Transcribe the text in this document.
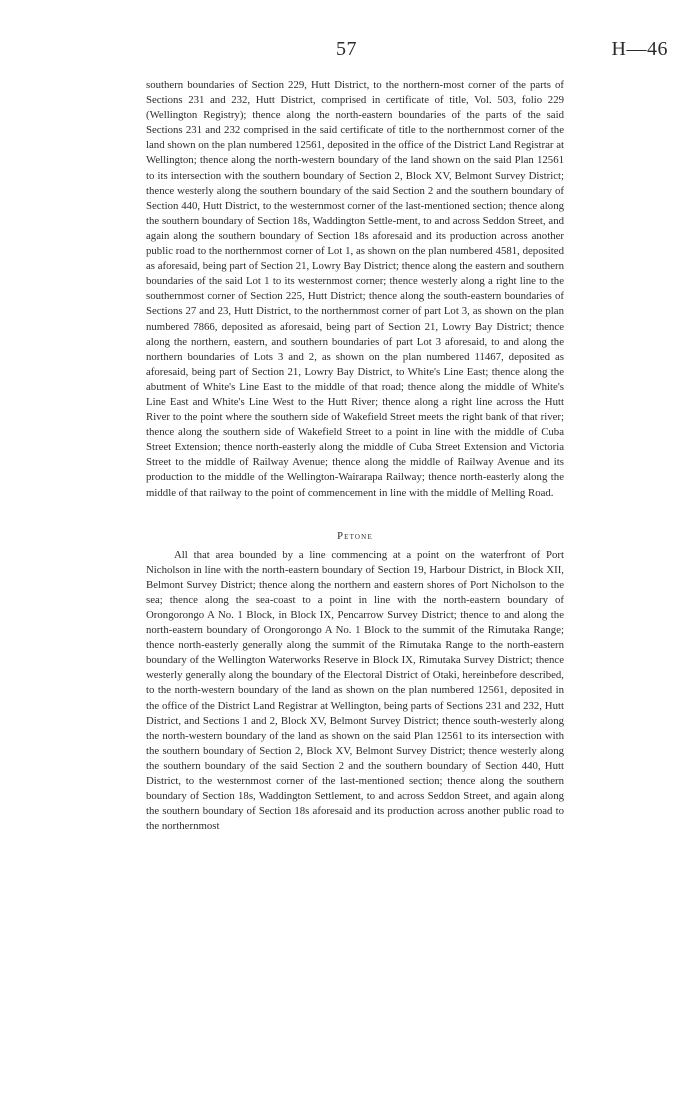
57	H—46

southern boundaries of Section 229, Hutt District, to the northern-most corner of the parts of Sections 231 and 232, Hutt District, comprised in certificate of title, Vol. 503, folio 229 (Wellington Registry); thence along the north-eastern boundaries of the parts of the said Sections 231 and 232 comprised in the said certificate of title to the northernmost corner of the land shown on the plan numbered 12561, deposited in the office of the District Land Registrar at Wellington; thence along the north-western boundary of the land shown on the said Plan 12561 to its intersection with the southern boundary of Section 2, Block XV, Belmont Survey District; thence westerly along the southern boundary of the said Section 2 and the southern boundary of Section 440, Hutt District, to the westernmost corner of the last-mentioned section; thence along the southern boundary of Section 18s, Waddington Settle-ment, to and across Seddon Street, and again along the southern boundary of Section 18s aforesaid and its production across another public road to the northernmost corner of Lot 1, as shown on the plan numbered 4581, deposited as aforesaid, being part of Section 21, Lowry Bay District; thence along the eastern and southern boundaries of the said Lot 1 to its westernmost corner; thence westerly along a right line to the southernmost corner of Section 225, Hutt District; thence along the south-eastern boundaries of Sections 27 and 23, Hutt District, to the northernmost corner of part Lot 3, as shown on the plan numbered 7866, deposited as aforesaid, being part of Section 21, Lowry Bay District; thence along the northern, eastern, and southern boundaries of part Lot 3 aforesaid, to and along the northern boundaries of Lots 3 and 2, as shown on the plan numbered 11467, deposited as aforesaid, being part of Section 21, Lowry Bay District, to White's Line East; thence along the abutment of White's Line East to the middle of that road; thence along the middle of White's Line East and White's Line West to the Hutt River; thence along a right line across the Hutt River to the point where the southern side of Wakefield Street meets the right bank of that river; thence along the southern side of Wakefield Street to a point in line with the middle of Cuba Street Extension; thence north-easterly along the middle of Cuba Street Extension and Victoria Street to the middle of Railway Avenue; thence along the middle of Railway Avenue and its production to the middle of the Wellington-Wairarapa Railway; thence north-easterly along the middle of that railway to the point of commencement in line with the middle of Melling Road.

Petone

All that area bounded by a line commencing at a point on the waterfront of Port Nicholson in line with the north-eastern boundary of Section 19, Harbour District, in Block XII, Belmont Survey District; thence along the northern and eastern shores of Port Nicholson to the sea; thence along the sea-coast to a point in line with the north-eastern boundary of Orongorongo A No. 1 Block, in Block IX, Pencarrow Survey District; thence to and along the north-eastern boundary of Orongorongo A No. 1 Block to the summit of the Rimutaka Range; thence north-easterly generally along the summit of the Rimutaka Range to the north-eastern boundary of the Wellington Waterworks Reserve in Block IX, Rimutaka Survey District; thence westerly generally along the boundary of the Electoral District of Otaki, hereinbefore described, to the north-western boundary of the land as shown on the plan numbered 12561, deposited in the office of the District Land Registrar at Wellington, being parts of Sections 231 and 232, Hutt District, and Sections 1 and 2, Block XV, Belmont Survey District; thence south-westerly along the north-western boundary of the land as shown on the said Plan 12561 to its intersection with the southern boundary of Section 2, Block XV, Belmont Survey District; thence westerly along the southern boundary of the said Section 2 and the southern boundary of Section 440, Hutt District, to the westernmost corner of the last-mentioned section; thence along the southern boundary of Section 18s, Waddington Settlement, to and across Seddon Street, and again along the southern boundary of Section 18s aforesaid and its production across another public road to the northernmost
